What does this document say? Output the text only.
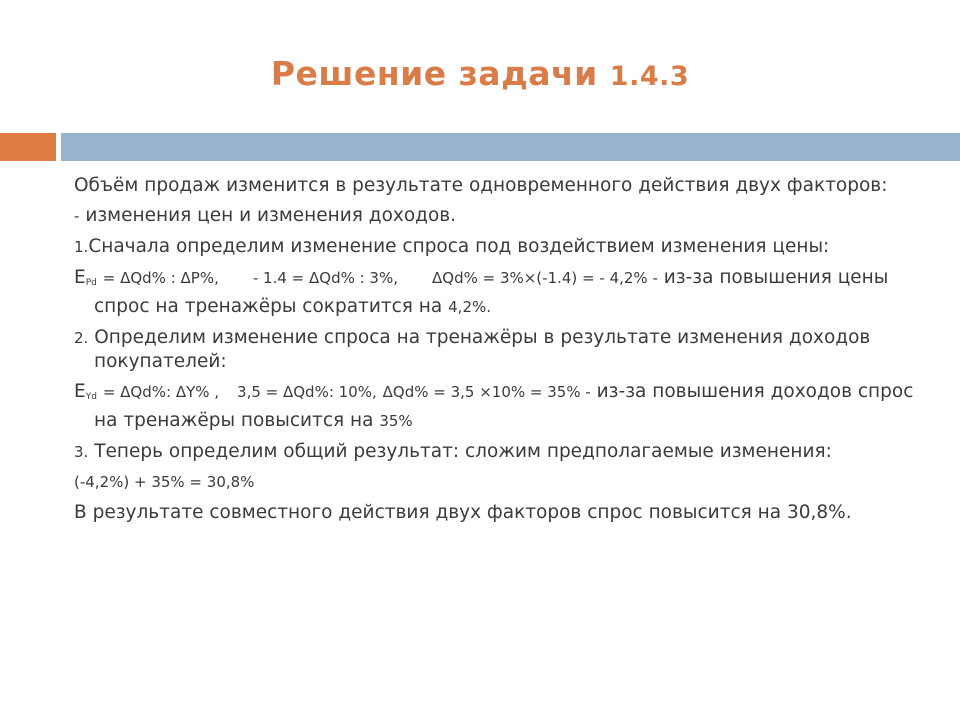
Решение задачи 1.4.3

Объём продаж изменится в результате одновременного действия двух факторов:

- изменения цен и изменения доходов.

1.Сначала определим изменение спроса под воздействием изменения цены:

$E_{Pd} = \Delta Qd\%$ : ΔP%, - 1.4 = ΔQd% : 3%, ΔQd% = 3%×(-1.4) = - 4,2% - из-за повышения цены спрос на тренажёры сократится на 4,2%.

2. Определим изменение спроса на тренажёры в результате изменения доходов покупателей:

$E_{Yd} = \Delta Qd\%$: ΔY% , 3,5 = ΔQd%: 10%, ΔQd% = 3,5 ×10% = 35% - из-за повышения доходов спрос на тренажёры повысится на 35%

3. Теперь определим общий результат: сложим предполагаемые изменения:

(-4,2%) + 35% = 30,8%

В результате совместного действия двух факторов спрос повысится на 30,8%.
